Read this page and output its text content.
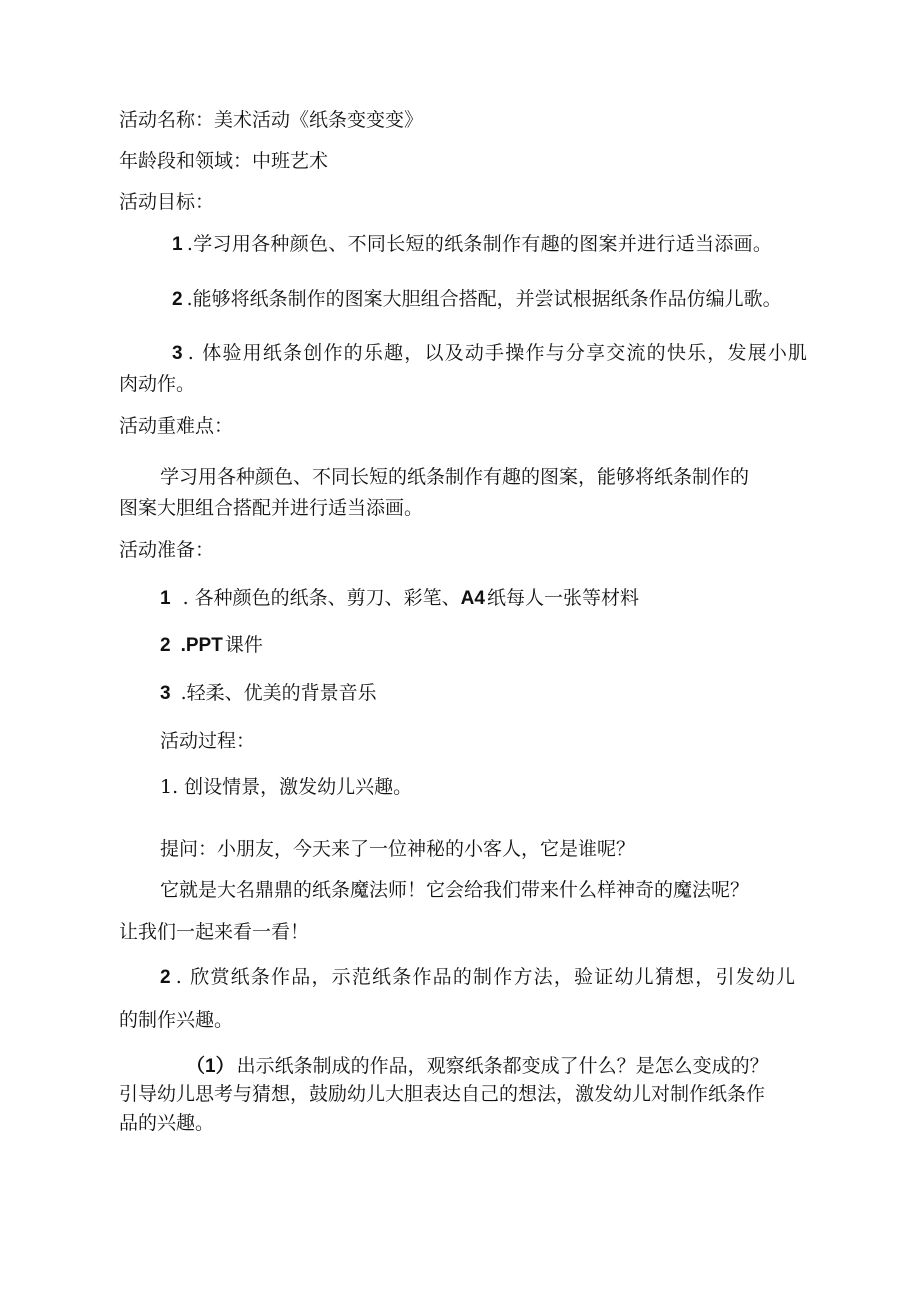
活动名称：美术活动《纸条变变变》
年龄段和领域：中班艺术
活动目标：
1 .学习用各种颜色、不同长短的纸条制作有趣的图案并进行适当添画。
2 .能够将纸条制作的图案大胆组合搭配，并尝试根据纸条作品仿编儿歌。
3 . 体验用纸条创作的乐趣，以及动手操作与分享交流的快乐，发展小肌
肉动作。
活动重难点：
学习用各种颜色、不同长短的纸条制作有趣的图案，能够将纸条制作的
图案大胆组合搭配并进行适当添画。
活动准备：
1 . 各种颜色的纸条、剪刀、彩笔、A4 纸每人一张等材料
2 .PPT 课件
3 .轻柔、优美的背景音乐
活动过程：
1. 创设情景，激发幼儿兴趣。
提问：小朋友，今天来了一位神秘的小客人，它是谁呢？
它就是大名鼎鼎的纸条魔法师！它会给我们带来什么样神奇的魔法呢？
让我们一起来看一看！
2 . 欣赏纸条作品，示范纸条作品的制作方法，验证幼儿猜想，引发幼儿
的制作兴趣。
（1） 出示纸条制成的作品，观察纸条都变成了什么？是怎么变成的？
引导幼儿思考与猜想，鼓励幼儿大胆表达自己的想法，激发幼儿对制作纸条作
品的兴趣。
